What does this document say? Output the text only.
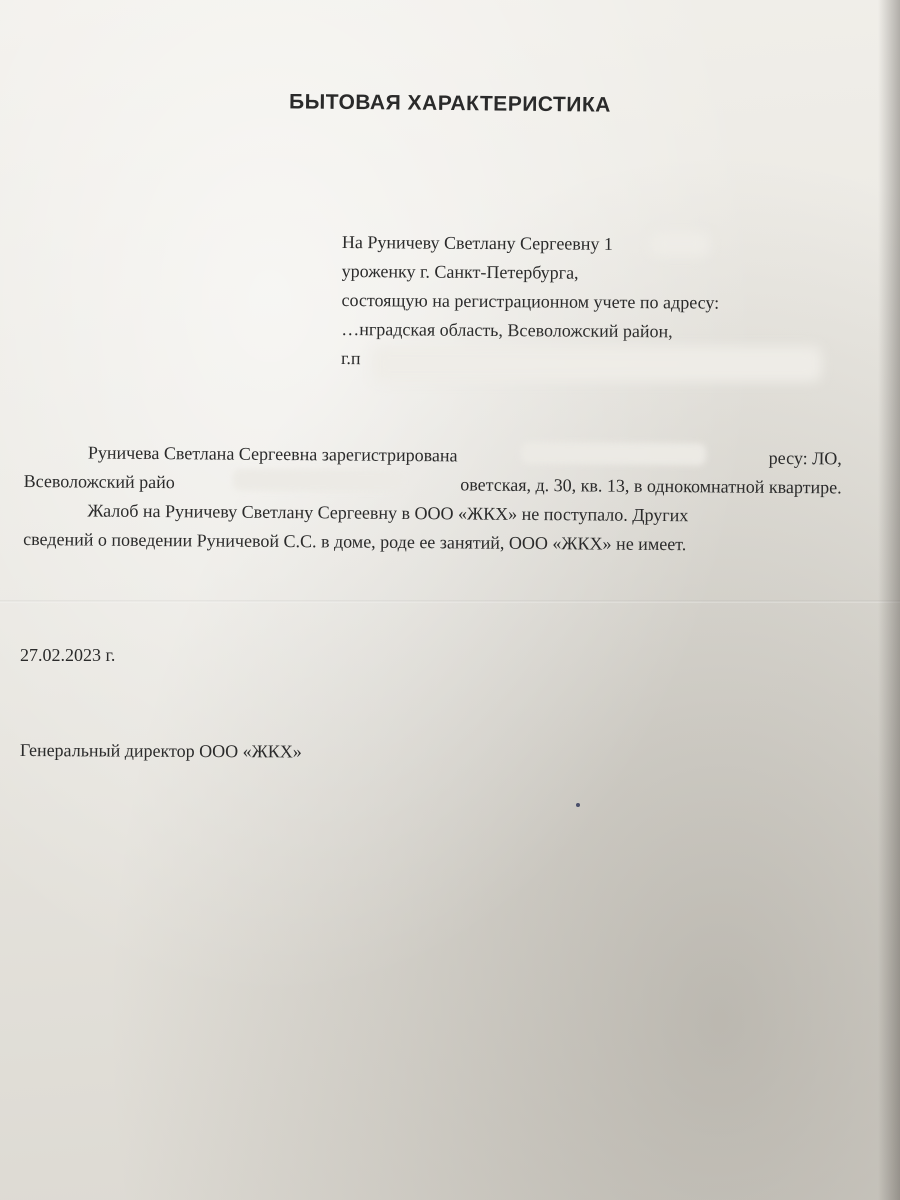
БЫТОВАЯ ХАРАКТЕРИСТИКА
На Руничеву Светлану Сергеевну 1
уроженку г. Санкт-Петербурга,
состоящую на регистрационном учете по адресу:
…нградская область, Всеволожский район,
г.п
Руничева Светлана Сергеевна зарегистрирована	ресу: ЛО,
Всеволожский райо	оветская, д. 30, кв. 13, в однокомнатной квартире.
Жалоб на Руничеву Светлану Сергеевну в ООО «ЖКХ» не поступало. Других
сведений о поведении Руничевой С.С. в доме, роде ее занятий, ООО «ЖКХ» не имеет.
27.02.2023 г.
Генеральный директор ООО «ЖКХ»
